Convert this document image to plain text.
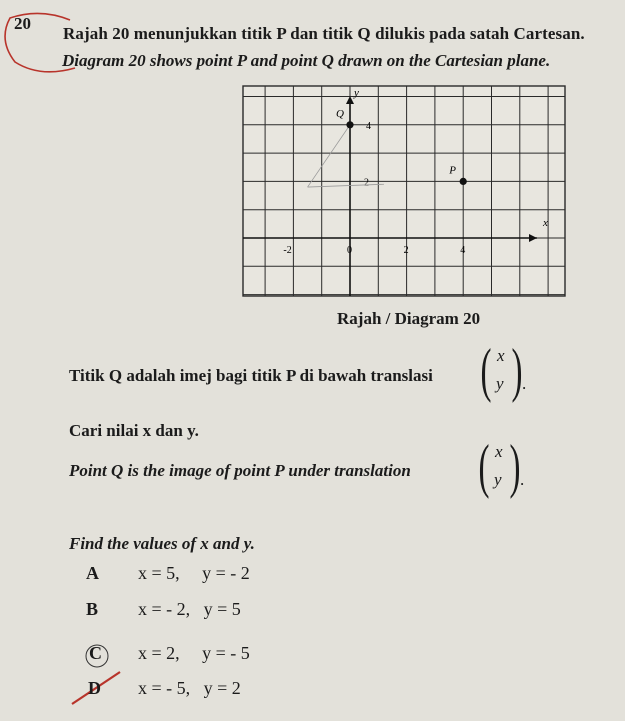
20
Rajah 20 menunjukkan titik P dan titik Q dilukis pada satah Cartesan.
Diagram 20 shows point P and point Q drawn on the Cartesian plane.
y
x
-2	0	2	4
2
4
P
Q
Rajah / Diagram 20
Titik Q adalah imej bagi titik P di bawah translasi ( x
y ) .
Cari nilai x dan y.
Point Q is the image of point P under translation ( x
y ) .
Find the values of x and y.
A x = 5,     y = - 2
B x = - 2,   y = 5
C x = 2,     y = - 5
D x = - 5,   y = 2
